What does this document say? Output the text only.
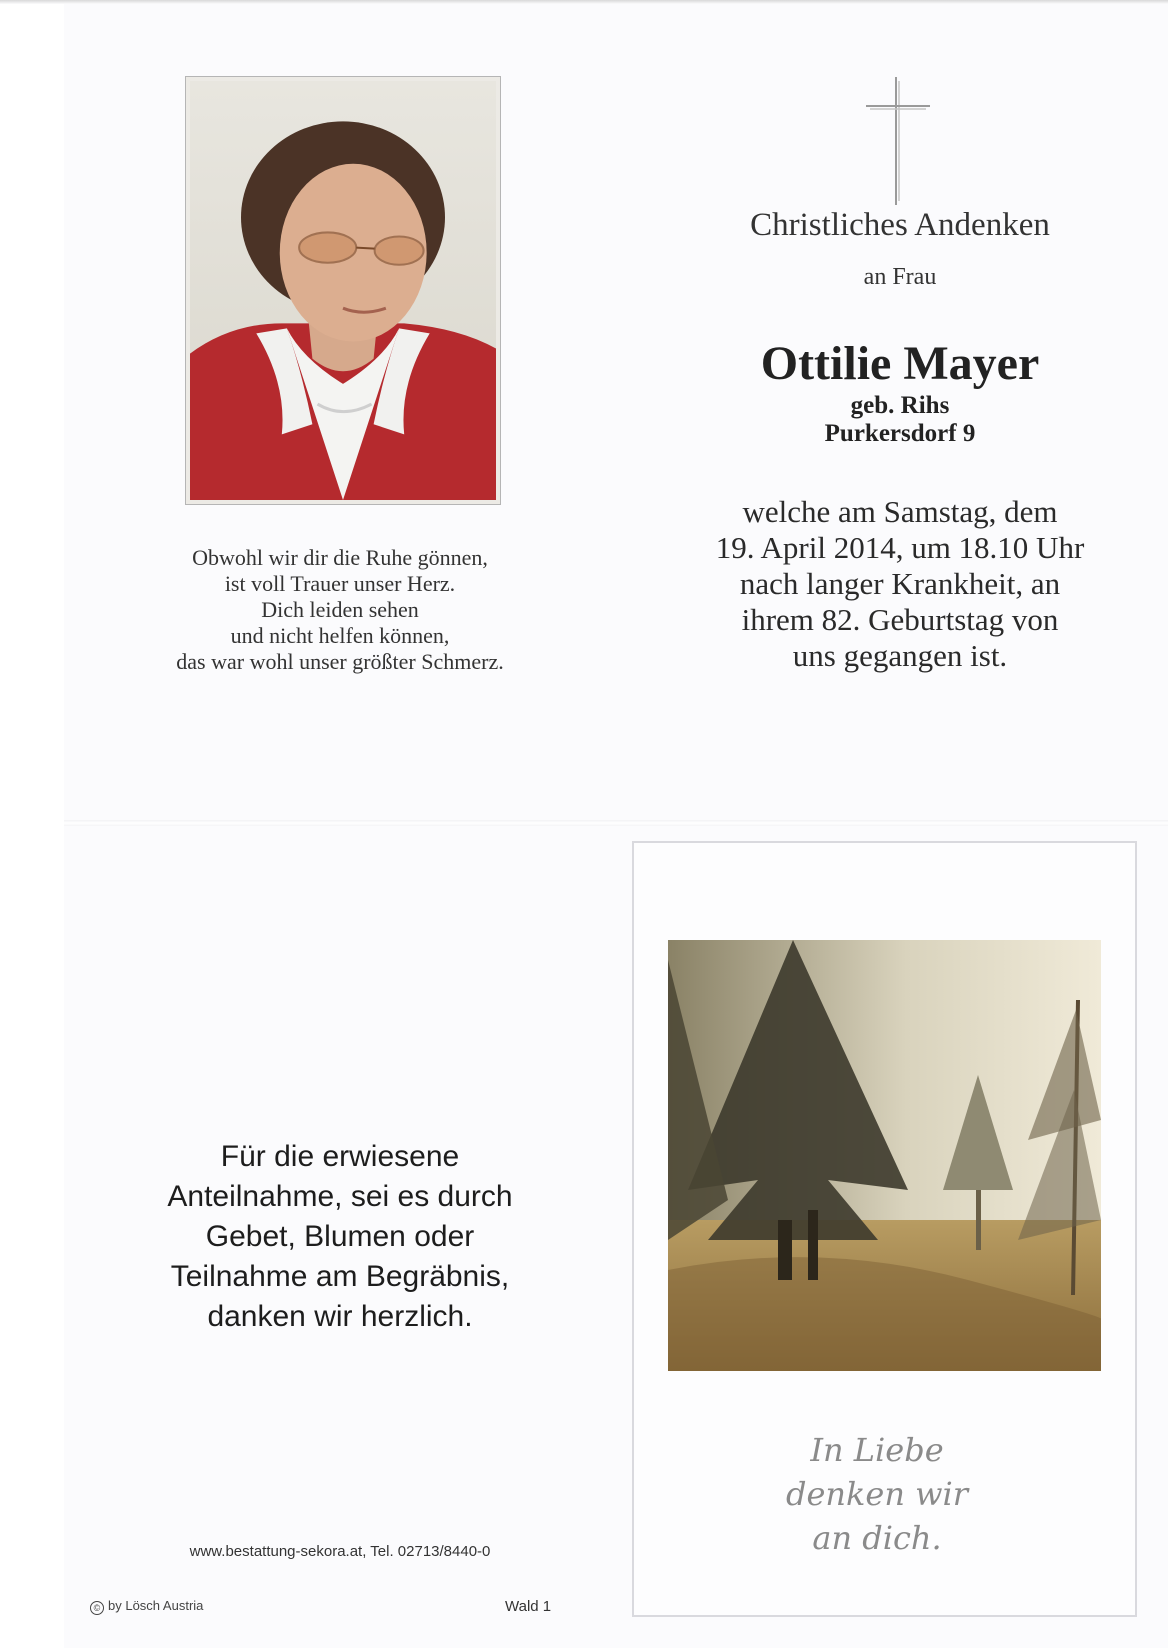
Obwohl wir dir die Ruhe gönnen,
ist voll Trauer unser Herz.
Dich leiden sehen
und nicht helfen können,
das war wohl unser größter Schmerz.
Christliches Andenken
an Frau
Ottilie Mayer
geb. Rihs
Purkersdorf 9
welche am Samstag, dem
19. April 2014, um 18.10 Uhr
nach langer Krankheit, an
ihrem 82. Geburtstag von
uns gegangen ist.
Für die erwiesene
Anteilnahme, sei es durch
Gebet, Blumen oder
Teilnahme am Begräbnis,
danken wir herzlich.
www.bestattung-sekora.at, Tel. 02713/8440-0
© by Lösch Austria	Wald 1
In Liebe
denken wir
an dich.
